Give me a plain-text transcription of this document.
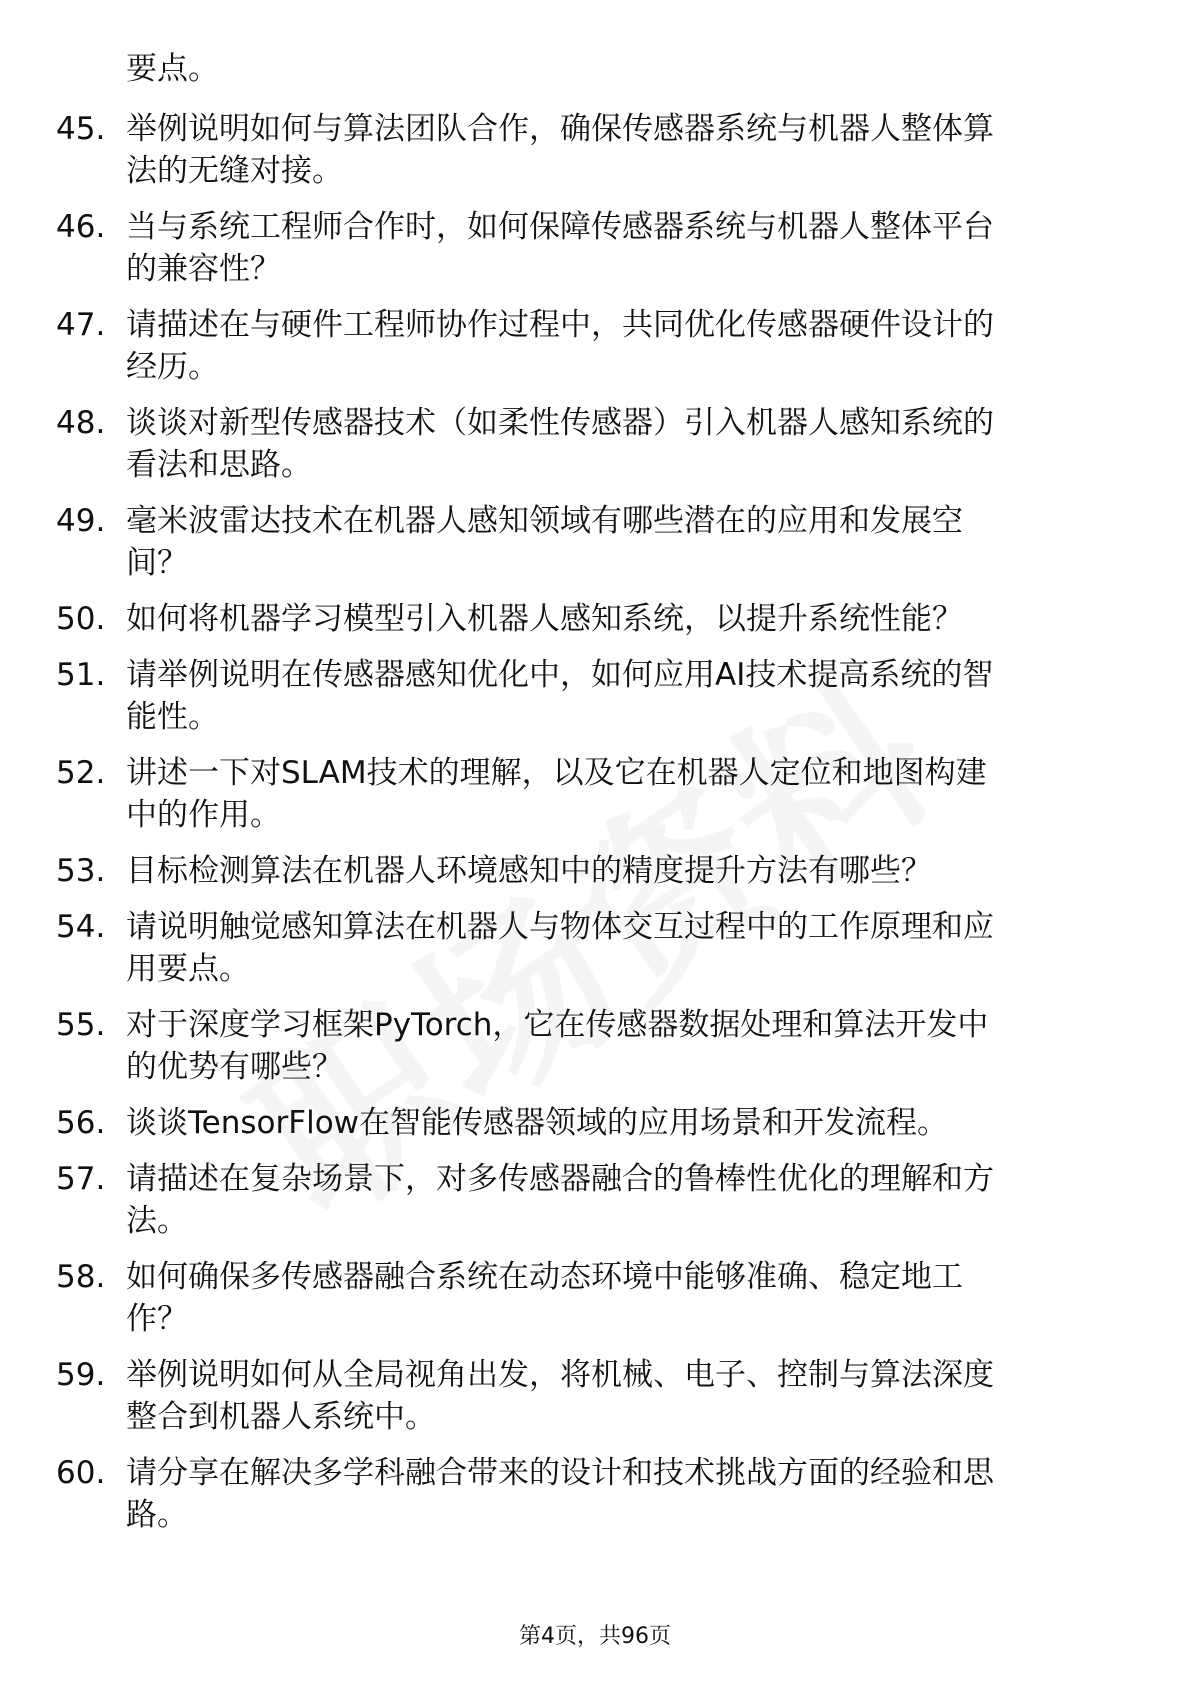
要点。
45. 举例说明如何与算法团队合作，确保传感器系统与机器人整体算
法的无缝对接。
46. 当与系统工程师合作时，如何保障传感器系统与机器人整体平台
的兼容性？
47. 请描述在与硬件工程师协作过程中，共同优化传感器硬件设计的
经历。
48. 谈谈对新型传感器技术（如柔性传感器）引入机器人感知系统的
看法和思路。
49. 毫米波雷达技术在机器人感知领域有哪些潜在的应用和发展空
间？
50. 如何将机器学习模型引入机器人感知系统，以提升系统性能？
51. 请举例说明在传感器感知优化中，如何应用AI技术提高系统的智
能性。
52. 讲述一下对SLAM技术的理解，以及它在机器人定位和地图构建
中的作用。
53. 目标检测算法在机器人环境感知中的精度提升方法有哪些？
54. 请说明触觉感知算法在机器人与物体交互过程中的工作原理和应
用要点。
55. 对于深度学习框架PyTorch，它在传感器数据处理和算法开发中
的优势有哪些？
56. 谈谈TensorFlow在智能传感器领域的应用场景和开发流程。
57. 请描述在复杂场景下，对多传感器融合的鲁棒性优化的理解和方
法。
58. 如何确保多传感器融合系统在动态环境中能够准确、稳定地工
作？
59. 举例说明如何从全局视角出发，将机械、电子、控制与算法深度
整合到机器人系统中。
60. 请分享在解决多学科融合带来的设计和技术挑战方面的经验和思
路。
第4页，共96页
